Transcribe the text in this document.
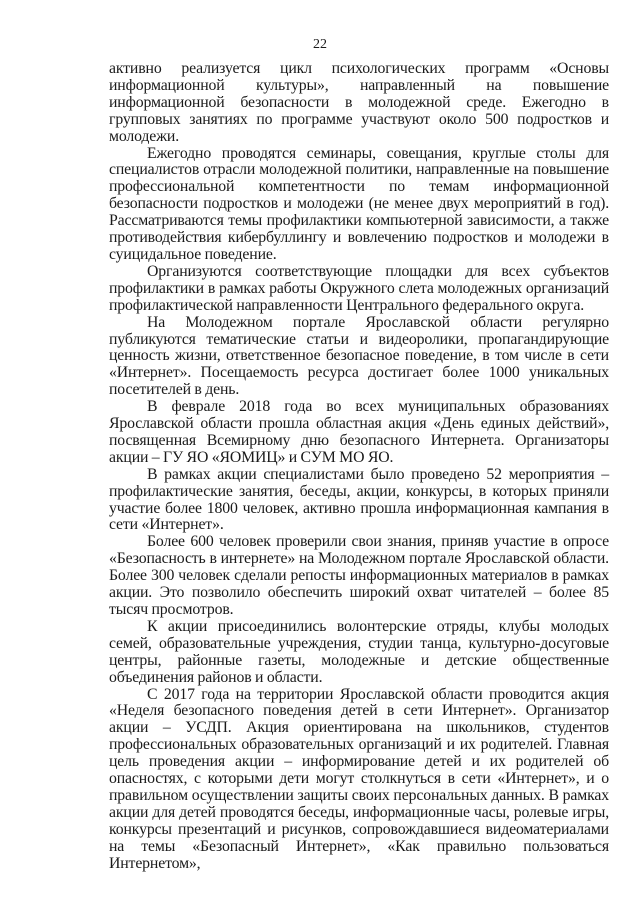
22

активно реализуется цикл психологических программ «Основы информационной культуры», направленный на повышение информационной безопасности в молодежной среде. Ежегодно в групповых занятиях по программе участвуют около 500 подростков и молодежи.

Ежегодно проводятся семинары, совещания, круглые столы для специалистов отрасли молодежной политики, направленные на повышение профессиональной компетентности по темам информационной безопасности подростков и молодежи (не менее двух мероприятий в год). Рассматриваются темы профилактики компьютерной зависимости, а также противодействия кибербуллингу и вовлечению подростков и молодежи в суицидальное поведение.

Организуются соответствующие площадки для всех субъектов профилактики в рамках работы Окружного слета молодежных организаций профилактической направленности Центрального федерального округа.

На Молодежном портале Ярославской области регулярно публикуются тематические статьи и видеоролики, пропагандирующие ценность жизни, ответственное безопасное поведение, в том числе в сети «Интернет». Посещаемость ресурса достигает более 1000 уникальных посетителей в день.

В феврале 2018 года во всех муниципальных образованиях Ярославской области прошла областная акция «День единых действий», посвященная Всемирному дню безопасного Интернета. Организаторы акции – ГУ ЯО «ЯОМИЦ» и СУМ МО ЯО.

В рамках акции специалистами было проведено 52 мероприятия – профилактические занятия, беседы, акции, конкурсы, в которых приняли участие более 1800 человек, активно прошла информационная кампания в сети «Интернет».

Более 600 человек проверили свои знания, приняв участие в опросе «Безопасность в интернете» на Молодежном портале Ярославской области. Более 300 человек сделали репосты информационных материалов в рамках акции. Это позволило обеспечить широкий охват читателей – более 85 тысяч просмотров.

К акции присоединились волонтерские отряды, клубы молодых семей, образовательные учреждения, студии танца, культурно-досуговые центры, районные газеты, молодежные и детские общественные объединения районов и области.

С 2017 года на территории Ярославской области проводится акция «Неделя безопасного поведения детей в сети Интернет». Организатор акции – УСДП. Акция ориентирована на школьников, студентов профессиональных образовательных организаций и их родителей. Главная цель проведения акции – информирование детей и их родителей об опасностях, с которыми дети могут столкнуться в сети «Интернет», и о правильном осуществлении защиты своих персональных данных. В рамках акции для детей проводятся беседы, информационные часы, ролевые игры, конкурсы презентаций и рисунков, сопровождавшиеся видеоматериалами на темы «Безопасный Интернет», «Как правильно пользоваться Интернетом»,
